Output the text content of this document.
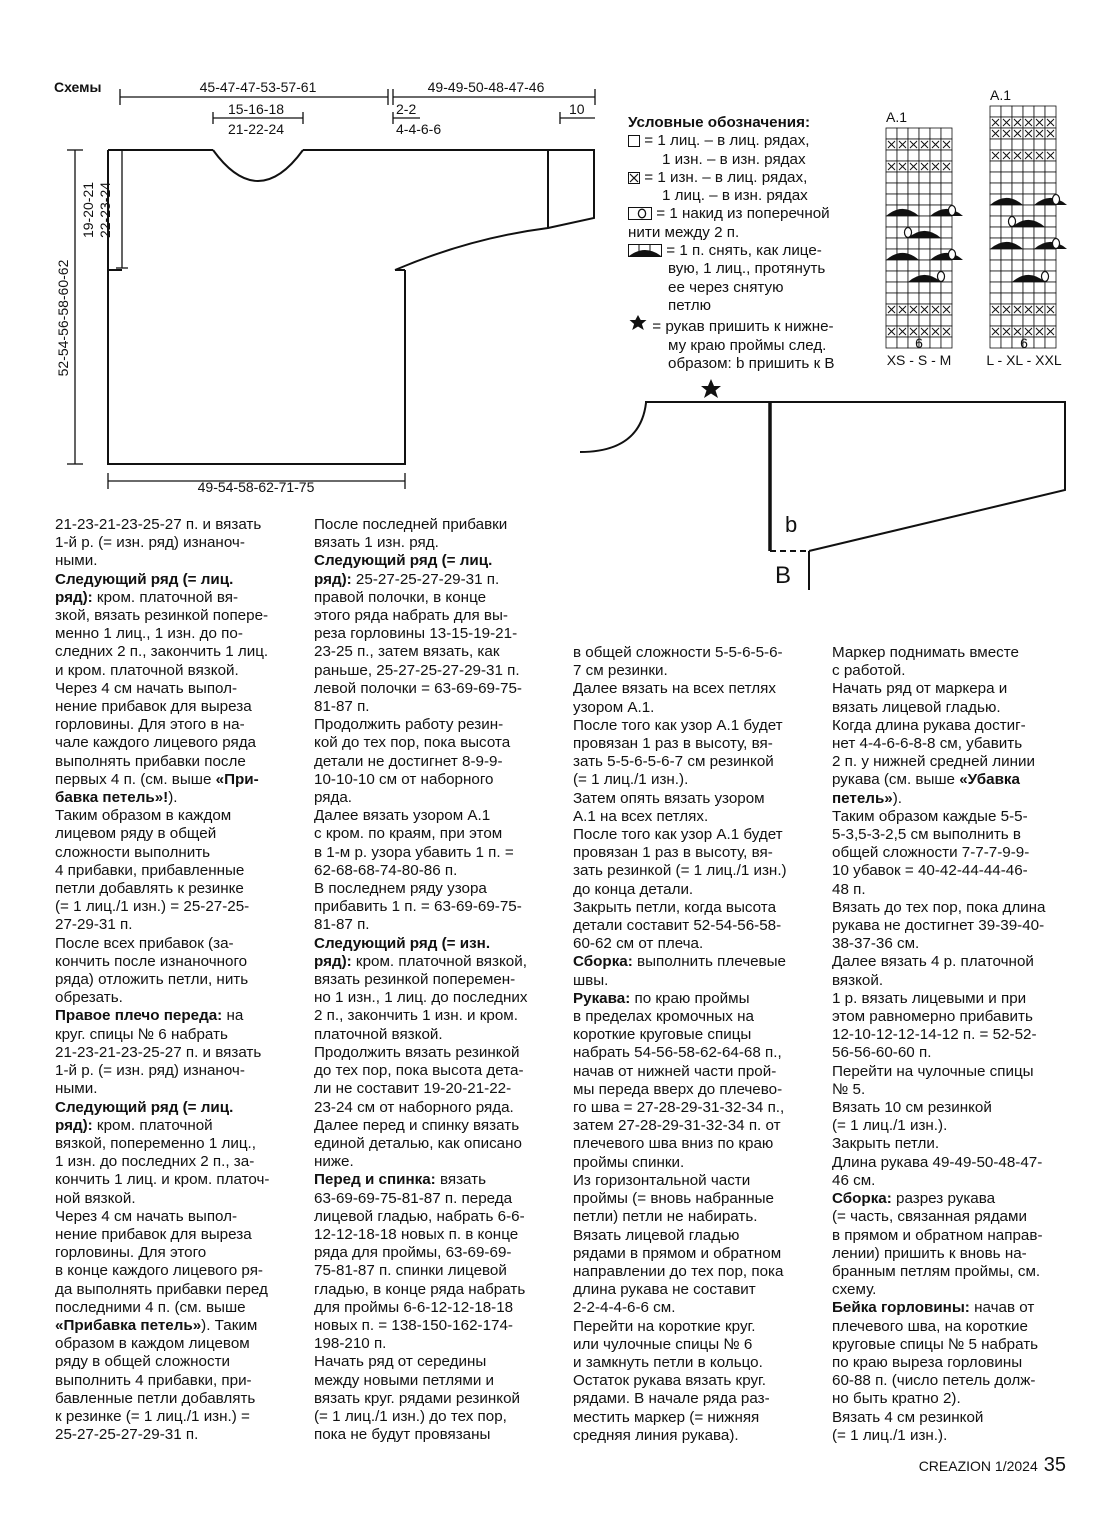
Схемы	45-47-47-53-57-61	49-49-50-48-47-46
15-16-18
21-22-24
2-2
4-4-6-6
10
19-20-21 22-23-24
52-54-56-58-60-62
49-54-58-62-71-75
Условные обозначения:
= 1 лиц. – в лиц. рядах,
1 изн. – в изн. рядах
= 1 изн. – в лиц. рядах,
1 лиц. – в изн. рядах
= 1 накид из поперечной
нити между 2 п.
= 1 п. снять, как лице-
вую, 1 лиц., протянуть
ее через снятую
петлю
= рукав пришить к нижне-
му краю проймы след.
образом: b пришить к B
A.1
6
XS - S - M
A.1
6
L - XL - XXL
b
B

21-23-21-23-25-27 п. и вязать

1-й р. (= изн. ряд) изнаноч-

ными.

Следующий ряд (= лиц.

ряд): кром. платочной вя-

зкой, вязать резинкой попере-

менно 1 лиц., 1 изн. до по-

следних 2 п., закончить 1 лиц.

и кром. платочной вязкой.

Через 4 см начать выпол-

нение прибавок для выреза

горловины. Для этого в на-

чале каждого лицевого ряда

выполнять прибавки после

первых 4 п. (см. выше «При-

бавка петель»!).

Таким образом в каждом

лицевом ряду в общей

сложности выполнить

4 прибавки, прибавленные

петли добавлять к резинке

(= 1 лиц./1 изн.) = 25-27-25-

27-29-31 п.

После всех прибавок (за-

кончить после изнаночного

ряда) отложить петли, нить

обрезать.

Правое плечо переда: на

круг. спицы № 6 набрать

21-23-21-23-25-27 п. и вязать

1-й р. (= изн. ряд) изнаноч-

ными.

Следующий ряд (= лиц.

ряд): кром. платочной

вязкой, попеременно 1 лиц.,

1 изн. до последних 2 п., за-

кончить 1 лиц. и кром. платоч-

ной вязкой.

Через 4 см начать выпол-

нение прибавок для выреза

горловины. Для этого

в конце каждого лицевого ря-

да выполнять прибавки перед

последними 4 п. (см. выше

«Прибавка петель»). Таким

образом в каждом лицевом

ряду в общей сложности

выполнить 4 прибавки, при-

бавленные петли добавлять

к резинке (= 1 лиц./1 изн.) =

25-27-25-27-29-31 п.

После последней прибавки

вязать 1 изн. ряд.

Следующий ряд (= лиц.

ряд): 25-27-25-27-29-31 п.

правой полочки, в конце

этого ряда набрать для вы-

реза горловины 13-15-19-21-

23-25 п., затем вязать, как

раньше, 25-27-25-27-29-31 п.

левой полочки = 63-69-69-75-

81-87 п.

Продолжить работу резин-

кой до тех пор, пока высота

детали не достигнет 8-9-9-

10-10-10 см от наборного

ряда.

Далее вязать узором A.1

с кром. по краям, при этом

в 1-м р. узора убавить 1 п. =

62-68-68-74-80-86 п.

В последнем ряду узора

прибавить 1 п. = 63-69-69-75-

81-87 п.

Следующий ряд (= изн.

ряд): кром. платочной вязкой,

вязать резинкой поперемен-

но 1 изн., 1 лиц. до последних

2 п., закончить 1 изн. и кром.

платочной вязкой.

Продолжить вязать резинкой

до тех пор, пока высота дета-

ли не составит 19-20-21-22-

23-24 см от наборного ряда.

Далее перед и спинку вязать

единой деталью, как описано

ниже.

Перед и спинка: вязать

63-69-69-75-81-87 п. переда

лицевой гладью, набрать 6-6-

12-12-18-18 новых п. в конце

ряда для проймы, 63-69-69-

75-81-87 п. спинки лицевой

гладью, в конце ряда набрать

для проймы 6-6-12-12-18-18

новых п. = 138-150-162-174-

198-210 п.

Начать ряд от середины

между новыми петлями и

вязать круг. рядами резинкой

(= 1 лиц./1 изн.) до тех пор,

пока не будут провязаны

в общей сложности 5-5-6-5-6-

7 см резинки.

Далее вязать на всех петлях

узором A.1.

После того как узор A.1 будет

провязан 1 раз в высоту, вя-

зать 5-5-6-5-6-7 см резинкой

(= 1 лиц./1 изн.).

Затем опять вязать узором

A.1 на всех петлях.

После того как узор A.1 будет

провязан 1 раз в высоту, вя-

зать резинкой (= 1 лиц./1 изн.)

до конца детали.

Закрыть петли, когда высота

детали составит 52-54-56-58-

60-62 см от плеча.

Сборка: выполнить плечевые

швы.

Рукава: по краю проймы

в пределах кромочных на

короткие круговые спицы

набрать 54-56-58-62-64-68 п.,

начав от нижней части прой-

мы переда вверх до плечево-

го шва = 27-28-29-31-32-34 п.,

затем 27-28-29-31-32-34 п. от

плечевого шва вниз по краю

проймы спинки.

Из горизонтальной части

проймы (= вновь набранные

петли) петли не набирать.

Вязать лицевой гладью

рядами в прямом и обратном

направлении до тех пор, пока

длина рукава не составит

2-2-4-4-6-6 см.

Перейти на короткие круг.

или чулочные спицы № 6

и замкнуть петли в кольцо.

Остаток рукава вязать круг.

рядами. В начале ряда раз-

местить маркер (= нижняя

средняя линия рукава).

Маркер поднимать вместе

с работой.

Начать ряд от маркера и

вязать лицевой гладью.

Когда длина рукава достиг-

нет 4-4-6-6-8-8 см, убавить

2 п. у нижней средней линии

рукава (см. выше «Убавка

петель»).

Таким образом каждые 5-5-

5-3,5-3-2,5 см выполнить в

общей сложности 7-7-7-9-9-

10 убавок = 40-42-44-44-46-

48 п.

Вязать до тех пор, пока длина

рукава не достигнет 39-39-40-

38-37-36 см.

Далее вязать 4 р. платочной

вязкой.

1 р. вязать лицевыми и при

этом равномерно прибавить

12-10-12-12-14-12 п. = 52-52-

56-56-60-60 п.

Перейти на чулочные спицы

№ 5.

Вязать 10 см резинкой

(= 1 лиц./1 изн.).

Закрыть петли.

Длина рукава 49-49-50-48-47-

46 см.

Сборка: разрез рукава

(= часть, связанная рядами

в прямом и обратном направ-

лении) пришить к вновь на-

бранным петлям проймы, см.

схему.

Бейка горловины: начав от

плечевого шва, на короткие

круговые спицы № 5 набрать

по краю выреза горловины

60-88 п. (число петель долж-

но быть кратно 2).

Вязать 4 см резинкой

(= 1 лиц./1 изн.).

CREAZION 1/2024 35
